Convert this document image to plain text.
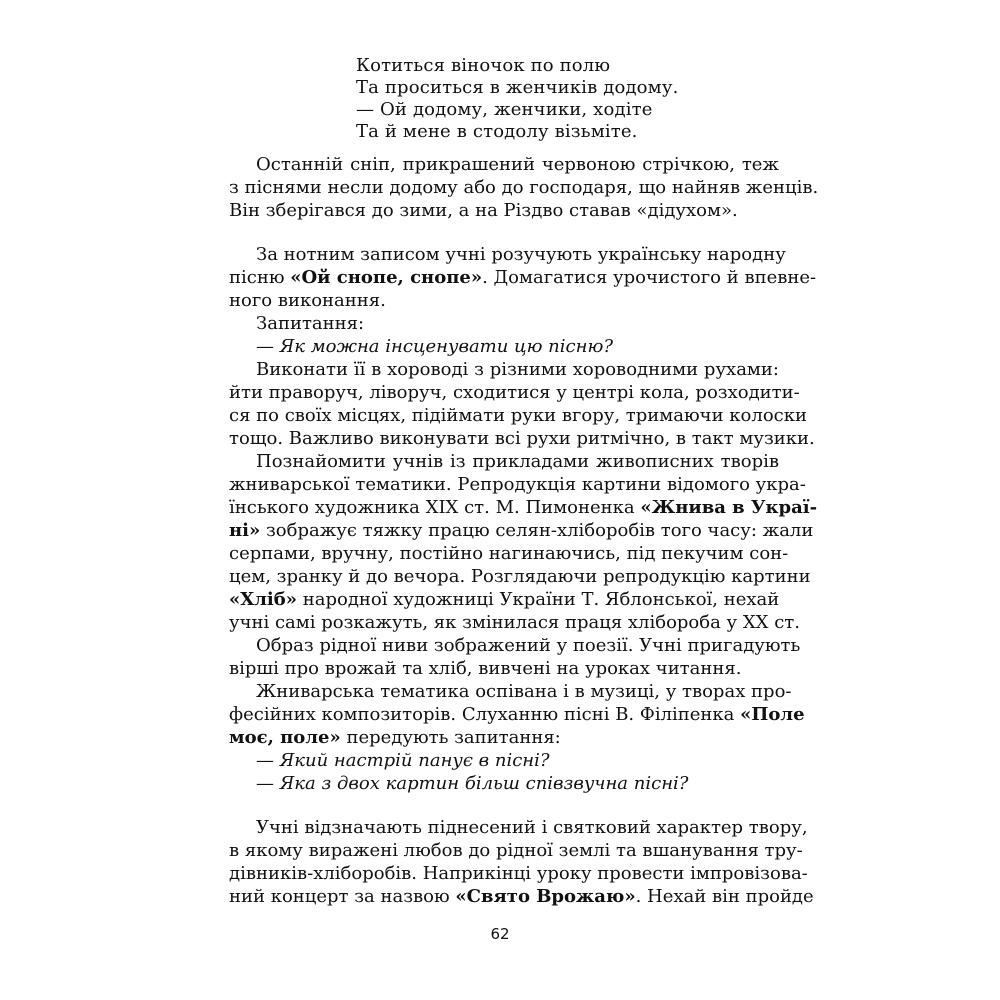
Котиться віночок по полю
Та проситься в женчиків додому.
— Ой додому, женчики, ходіте
Та й мене в стодолу візьміте.
Останній сніп, прикрашений червоною стрічкою, теж
з піснями несли додому або до господаря, що найняв женців.
Він зберігався до зими, а на Різдво ставав «дідухом».
За нотним записом учні розучують українську народну
пісню «Ой снопе, снопе». Домагатися урочистого й впевне-
ного виконання.
Запитання:
— Як можна інсценувати цю пісню?
Виконати її в хороводі з різними хороводними рухами:
йти праворуч, ліворуч, сходитися у центрі кола, розходити-
ся по своїх місцях, підіймати руки вгору, тримаючи колоски
тощо. Важливо виконувати всі рухи ритмічно, в такт музики.
Познайомити учнів із прикладами живописних творів
жниварської тематики. Репродукція картини відомого укра-
їнського художника XIX ст. М. Пимоненка «Жнива в Украї-
ні» зображує тяжку працю селян-хліборобів того часу: жали
серпами, вручну, постійно нагинаючись, під пекучим сон-
цем, зранку й до вечора. Розглядаючи репродукцію картини
«Хліб» народної художниці України Т. Яблонської, нехай
учні самі розкажуть, як змінилася праця хлібороба у XX ст.
Образ рідної ниви зображений у поезії. Учні пригадують
вірші про врожай та хліб, вивчені на уроках читання.
Жниварська тематика оспівана і в музиці, у творах про-
фесійних композиторів. Слуханню пісні В. Філіпенка «Поле
моє, поле» передують запитання:
— Який настрій панує в пісні?
— Яка з двох картин більш співзвучна пісні?
Учні відзначають піднесений і святковий характер твору,
в якому виражені любов до рідної землі та вшанування тру-
дівників-хліборобів. Наприкінці уроку провести імпровізова-
ний концерт за назвою «Свято Врожаю». Нехай він пройде
62
